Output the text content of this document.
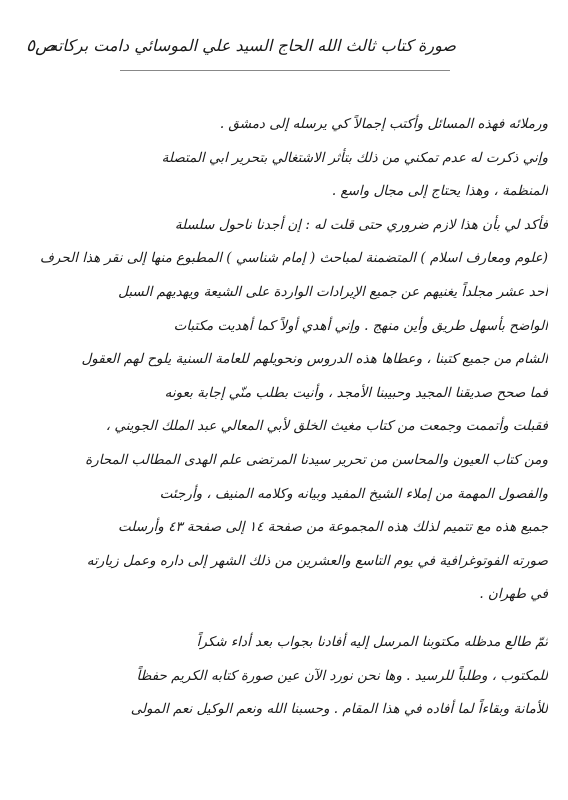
ص٥
صورة كتاب ثالث الله الحاج السيد علي الموسائي دامت بركاته
ورملائه فهذه المسائل وأكتب إجمالاً كي يرسله إلى دمشق .
وإني ذكرت له عدم تمكني من ذلك بتأثر الاشتغالي بتحرير ابي المتصلة
المنظمة ، وهذا يحتاج إلى مجال واسع .
فأكد لي بأن هذا لازم ضروري حتى قلت له : إن أجدنا ناحول سلسلة
(علوم ومعارف اسلام ) المتضمنة لمباحث ( إمام شناسي ) المطبوع منها إلى نقر هذا الحرف
أحد عشر مجلداً يغنيهم عن جميع الإيرادات الواردة على الشيعة ويهديهم السبل
الواضح بأسهل طريق وأين منهج . وإني أهدي أولاً كما أهديت مكتبات
الشام من جميع كتبنا ، وعطاها هذه الدروس ونحويلهم للعامة السنية يلوح لهم العقول
فما صحح صديقنا المجيد وحبيبنا الأمجد ، وأنيت بطلب منّي إجابة بعونه
فقبلت وأتممت وجمعت من كتاب مغيث الخلق لأبي المعالي عبد الملك الجويني ،
ومن كتاب العيون والمحاسن من تحرير سيدنا المرتضى علم الهدى المطالب المحارة
والفصول المهمة من إملاء الشيخ المفيد وبيانه وكلامه المنيف ، وأرجئت
جميع هذه مع تتميم لذلك هذه المجموعة من صفحة ١٤ إلى صفحة ٤٣ وأرسلت
صورته الفوتوغرافية في يوم التاسع والعشرين من ذلك الشهر إلى داره وعمل زيارته
في طهران .
ثمّ طالع مدظله مكتوبنا المرسل إليه أفادنا بجواب بعد أداء شكراً
للمكتوب ، وطلباً للرسيد . وها نحن نورد الآن عين صورة كتابه الكريم حفظاً
للأمانة وبقاءاً لما أفاده في هذا المقام . وحسبنا الله ونعم الوكيل نعم المولى
